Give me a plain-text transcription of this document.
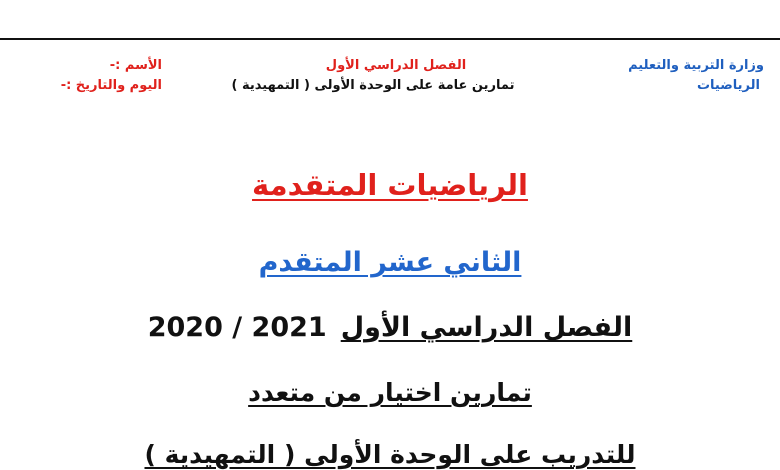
وزارة التربية والتعليم
الرياضيات
الفصل الدراسي الأول
تمارين عامة على الوحدة الأولى ( التمهيدية )
الأسم :-
اليوم والتاريخ :-
الرياضيات المتقدمة
الثاني عشر المتقدم
الفصل الدراسي الأول2020 / 2021
تمارين اختيار من متعدد
للتدريب على الوحدة الأولى ( التمهيدية )
